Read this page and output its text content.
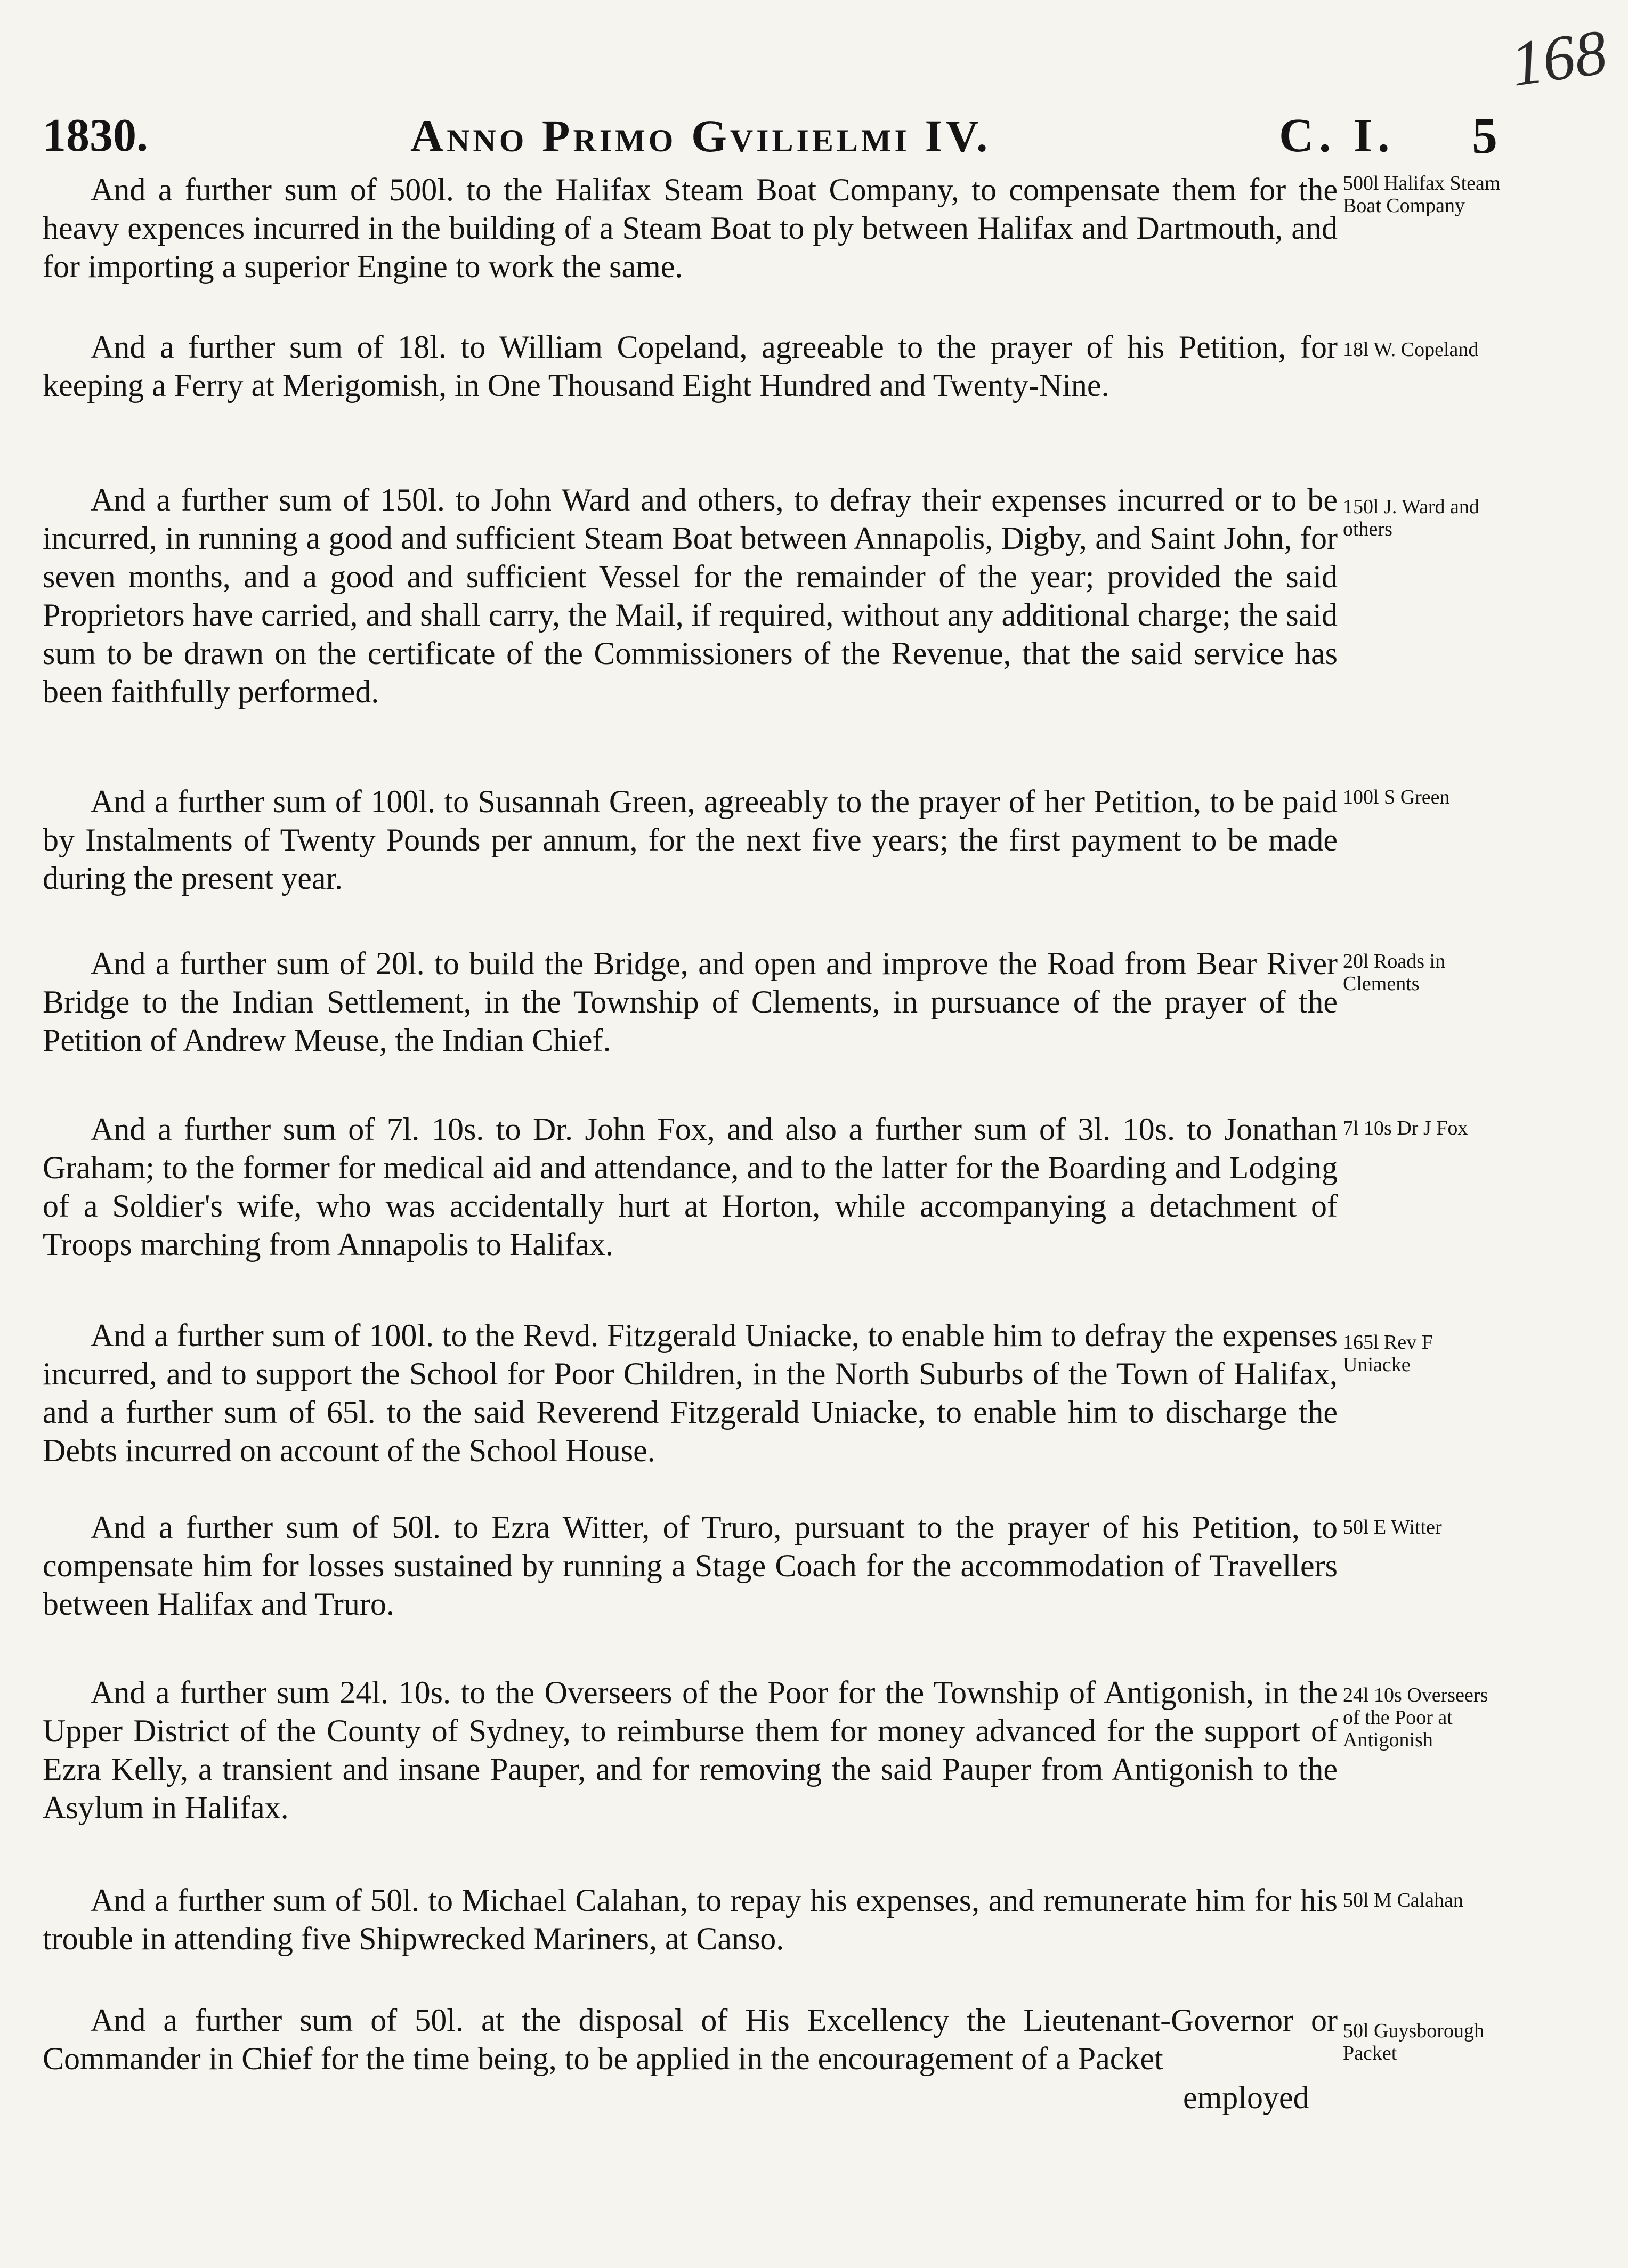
168
1830.	Anno Primo Gvilielmi IV.	C. I. 5

And a further sum of 500l. to the Halifax Steam Boat Company, to compensate them for the heavy expences incurred in the building of a Steam Boat to ply between Halifax and Dartmouth, and for importing a superior Engine to work the same.

500l Halifax Steam Boat Company

And a further sum of 18l. to William Copeland, agreeable to the prayer of his Petition, for keeping a Ferry at Merigomish, in One Thousand Eight Hundred and Twenty-Nine.

18l W. Copeland

And a further sum of 150l. to John Ward and others, to defray their expenses incurred or to be incurred, in running a good and sufficient Steam Boat between Annapolis, Digby, and Saint John, for seven months, and a good and sufficient Vessel for the remainder of the year; provided the said Proprietors have carried, and shall carry, the Mail, if required, without any additional charge; the said sum to be drawn on the certificate of the Commissioners of the Revenue, that the said service has been faithfully performed.

150l J. Ward and others

And a further sum of 100l. to Susannah Green, agreeably to the prayer of her Petition, to be paid by Instalments of Twenty Pounds per annum, for the next five years; the first payment to be made during the present year.

100l S Green

And a further sum of 20l. to build the Bridge, and open and improve the Road from Bear River Bridge to the Indian Settlement, in the Township of Clements, in pursuance of the prayer of the Petition of Andrew Meuse, the Indian Chief.

20l Roads in Clements

And a further sum of 7l. 10s. to Dr. John Fox, and also a further sum of 3l. 10s. to Jonathan Graham; to the former for medical aid and attendance, and to the latter for the Boarding and Lodging of a Soldier's wife, who was accidentally hurt at Horton, while accompanying a detachment of Troops marching from Annapolis to Halifax.

7l 10s Dr J Fox

And a further sum of 100l. to the Revd. Fitzgerald Uniacke, to enable him to defray the expenses incurred, and to support the School for Poor Children, in the North Suburbs of the Town of Halifax, and a further sum of 65l. to the said Reverend Fitzgerald Uniacke, to enable him to discharge the Debts incurred on account of the School House.

165l Rev F Uniacke

And a further sum of 50l. to Ezra Witter, of Truro, pursuant to the prayer of his Petition, to compensate him for losses sustained by running a Stage Coach for the accommodation of Travellers between Halifax and Truro.

50l E Witter

And a further sum 24l. 10s. to the Overseers of the Poor for the Township of Antigonish, in the Upper District of the County of Sydney, to reimburse them for money advanced for the support of Ezra Kelly, a transient and insane Pauper, and for removing the said Pauper from Antigonish to the Asylum in Halifax.

24l 10s Overseers of the Poor at Antigonish

And a further sum of 50l. to Michael Calahan, to repay his expenses, and remunerate him for his trouble in attending five Shipwrecked Mariners, at Canso.

50l M Calahan

And a further sum of 50l. at the disposal of His Excellency the Lieutenant-Governor or Commander in Chief for the time being, to be applied in the encouragement of a Packet

50l Guysborough Packet
employed
